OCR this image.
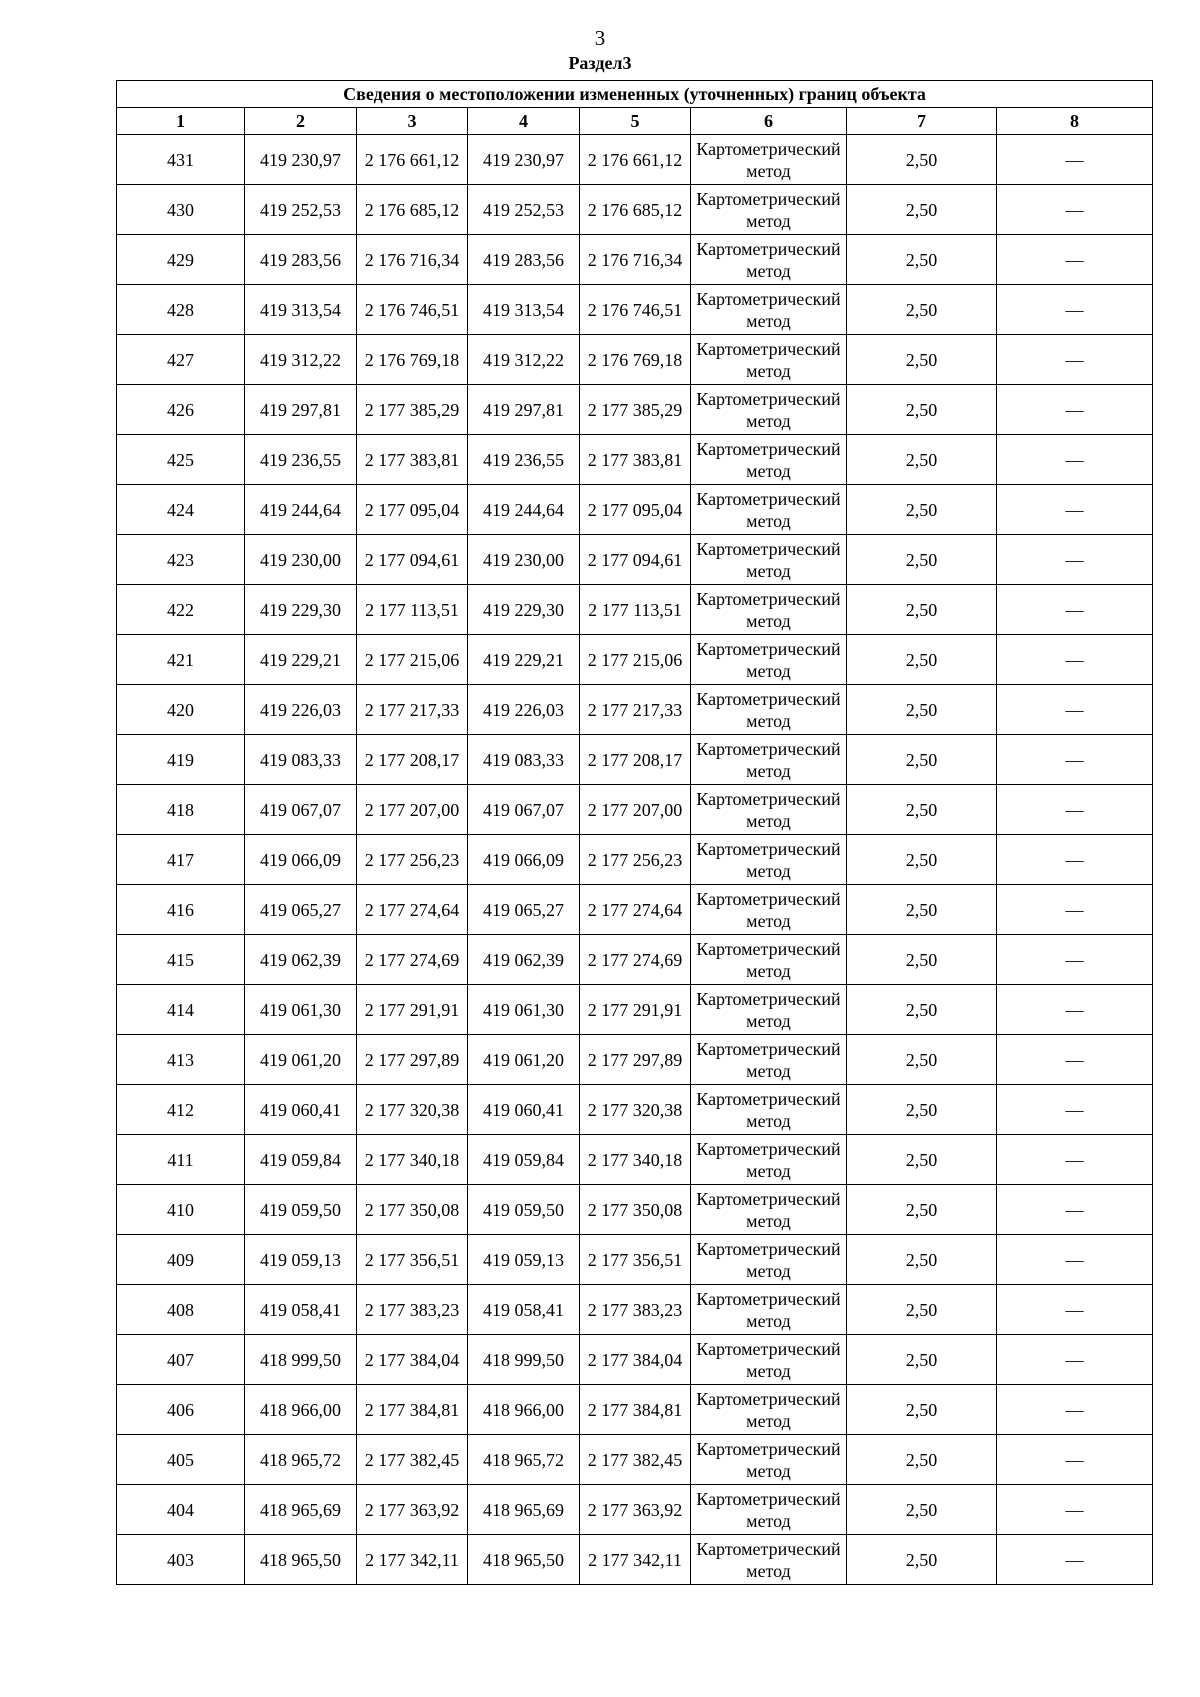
3
Раздел3
Сведения о местоположении измененных (уточненных) границ объекта							
1	2	3	4	5	6	7	8
431	419 230,97	2 176 661,12	419 230,97	2 176 661,12	Картометрический метод	2,50	—
430	419 252,53	2 176 685,12	419 252,53	2 176 685,12	Картометрический метод	2,50	—
429	419 283,56	2 176 716,34	419 283,56	2 176 716,34	Картометрический метод	2,50	—
428	419 313,54	2 176 746,51	419 313,54	2 176 746,51	Картометрический метод	2,50	—
427	419 312,22	2 176 769,18	419 312,22	2 176 769,18	Картометрический метод	2,50	—
426	419 297,81	2 177 385,29	419 297,81	2 177 385,29	Картометрический метод	2,50	—
425	419 236,55	2 177 383,81	419 236,55	2 177 383,81	Картометрический метод	2,50	—
424	419 244,64	2 177 095,04	419 244,64	2 177 095,04	Картометрический метод	2,50	—
423	419 230,00	2 177 094,61	419 230,00	2 177 094,61	Картометрический метод	2,50	—
422	419 229,30	2 177 113,51	419 229,30	2 177 113,51	Картометрический метод	2,50	—
421	419 229,21	2 177 215,06	419 229,21	2 177 215,06	Картометрический метод	2,50	—
420	419 226,03	2 177 217,33	419 226,03	2 177 217,33	Картометрический метод	2,50	—
419	419 083,33	2 177 208,17	419 083,33	2 177 208,17	Картометрический метод	2,50	—
418	419 067,07	2 177 207,00	419 067,07	2 177 207,00	Картометрический метод	2,50	—
417	419 066,09	2 177 256,23	419 066,09	2 177 256,23	Картометрический метод	2,50	—
416	419 065,27	2 177 274,64	419 065,27	2 177 274,64	Картометрический метод	2,50	—
415	419 062,39	2 177 274,69	419 062,39	2 177 274,69	Картометрический метод	2,50	—
414	419 061,30	2 177 291,91	419 061,30	2 177 291,91	Картометрический метод	2,50	—
413	419 061,20	2 177 297,89	419 061,20	2 177 297,89	Картометрический метод	2,50	—
412	419 060,41	2 177 320,38	419 060,41	2 177 320,38	Картометрический метод	2,50	—
411	419 059,84	2 177 340,18	419 059,84	2 177 340,18	Картометрический метод	2,50	—
410	419 059,50	2 177 350,08	419 059,50	2 177 350,08	Картометрический метод	2,50	—
409	419 059,13	2 177 356,51	419 059,13	2 177 356,51	Картометрический метод	2,50	—
408	419 058,41	2 177 383,23	419 058,41	2 177 383,23	Картометрический метод	2,50	—
407	418 999,50	2 177 384,04	418 999,50	2 177 384,04	Картометрический метод	2,50	—
406	418 966,00	2 177 384,81	418 966,00	2 177 384,81	Картометрический метод	2,50	—
405	418 965,72	2 177 382,45	418 965,72	2 177 382,45	Картометрический метод	2,50	—
404	418 965,69	2 177 363,92	418 965,69	2 177 363,92	Картометрический метод	2,50	—
403	418 965,50	2 177 342,11	418 965,50	2 177 342,11	Картометрический метод	2,50	—
